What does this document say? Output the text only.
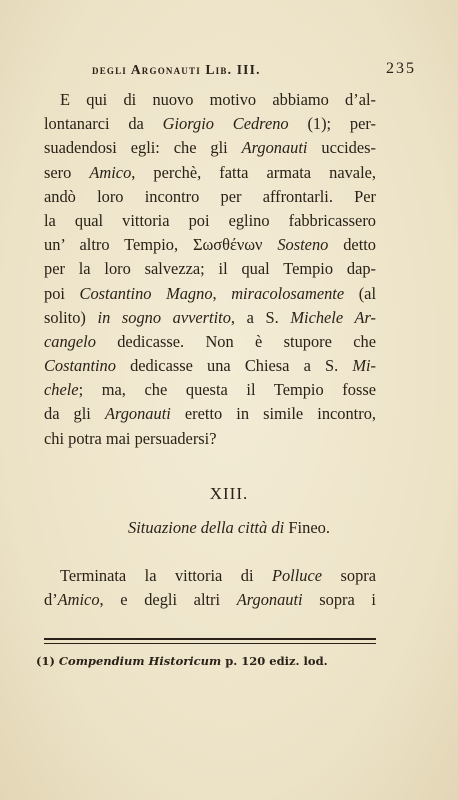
degli Argonauti Lib. III.	235
E qui di nuovo motivo abbiamo d’al-
lontanarci da Giorgio Cedreno (1); per-
suadendosi egli: che gli Argonauti uccides-
sero Amico, perchè, fatta armata navale,
andò loro incontro per affrontarli. Per
la qual vittoria poi eglino fabbricassero
un’ altro Tempio, Σωσθένων Sosteno detto
per la loro salvezza; il qual Tempio dap-
poi Costantino Magno, miracolosamente (al
solito) in sogno avvertito, a S. Michele Ar-
cangelo dedicasse. Non è stupore che
Costantino dedicasse una Chiesa a S. Mi-
chele; ma, che questa il Tempio fosse
da gli Argonauti eretto in simile incontro,
chi potra mai persuadersi?
XIII.
Situazione della città di Fineo.
Terminata la vittoria di Polluce sopra
d’Amico, e degli altri Argonauti sopra i
(1) Compendium Historicum p. 120 ediz. lod.
